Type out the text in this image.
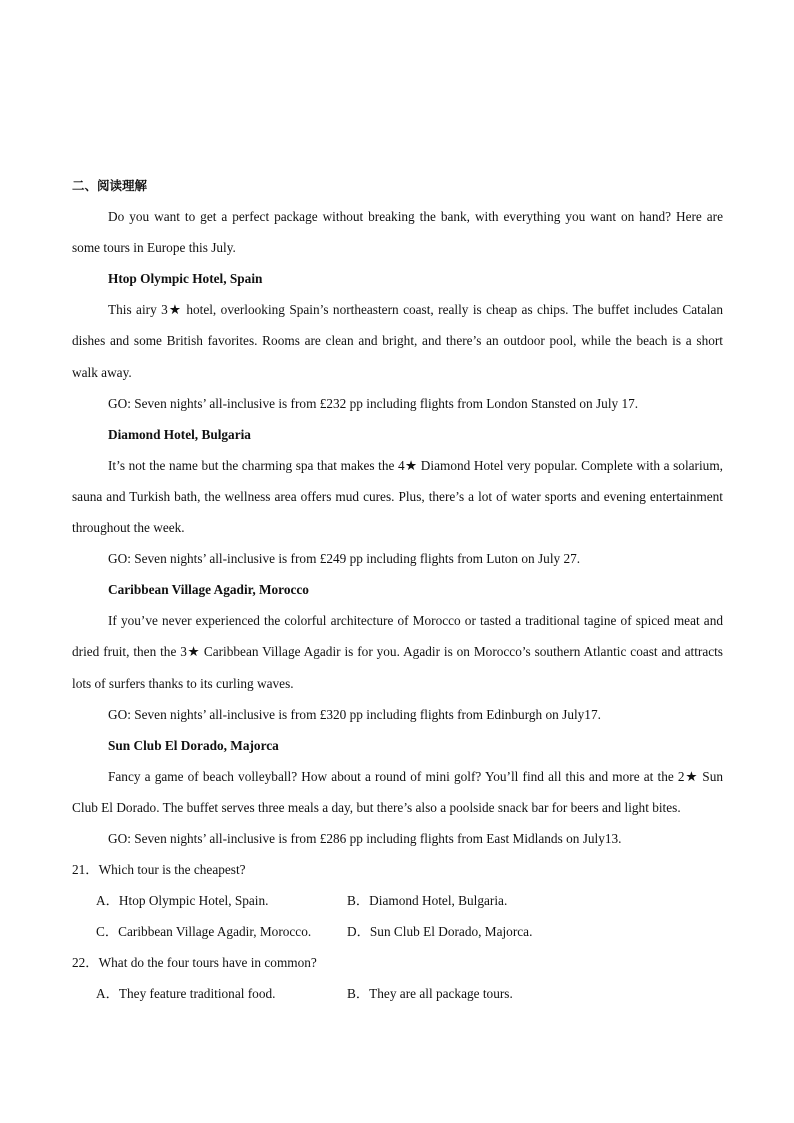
二、阅读理解

Do you want to get a perfect package without breaking the bank, with everything you want on hand? Here are some tours in Europe this July.

Htop Olympic Hotel, Spain

This airy 3★ hotel, overlooking Spain’s northeastern coast, really is cheap as chips. The buffet includes Catalan dishes and some British favorites. Rooms are clean and bright, and there’s an outdoor pool, while the beach is a short walk away.

GO: Seven nights’ all-inclusive is from £232 pp including flights from London Stansted on July 17.

Diamond Hotel, Bulgaria

It’s not the name but the charming spa that makes the 4★ Diamond Hotel very popular. Complete with a solarium, sauna and Turkish bath, the wellness area offers mud cures. Plus, there’s a lot of water sports and evening entertainment throughout the week.

GO: Seven nights’ all-inclusive is from £249 pp including flights from Luton on July 27.

Caribbean Village Agadir, Morocco

If you’ve never experienced the colorful architecture of Morocco or tasted a traditional tagine of spiced meat and dried fruit, then the 3★ Caribbean Village Agadir is for you. Agadir is on Morocco’s southern Atlantic coast and attracts lots of surfers thanks to its curling waves.

GO: Seven nights’ all-inclusive is from £320 pp including flights from Edinburgh on July17.

Sun Club El Dorado, Majorca

Fancy a game of beach volleyball? How about a round of mini golf? You’ll find all this and more at the 2★ Sun Club El Dorado. The buffet serves three meals a day, but there’s also a poolside snack bar for beers and light bites.

GO: Seven nights’ all-inclusive is from £286 pp including flights from East Midlands on July13.

21．Which tour is the cheapest?

A．Htop Olympic Hotel, Spain.	B．Diamond Hotel, Bulgaria.
C．Caribbean Village Agadir, Morocco.	D．Sun Club El Dorado, Majorca.

22．What do the four tours have in common?

A．They feature traditional food.	B．They are all package tours.
